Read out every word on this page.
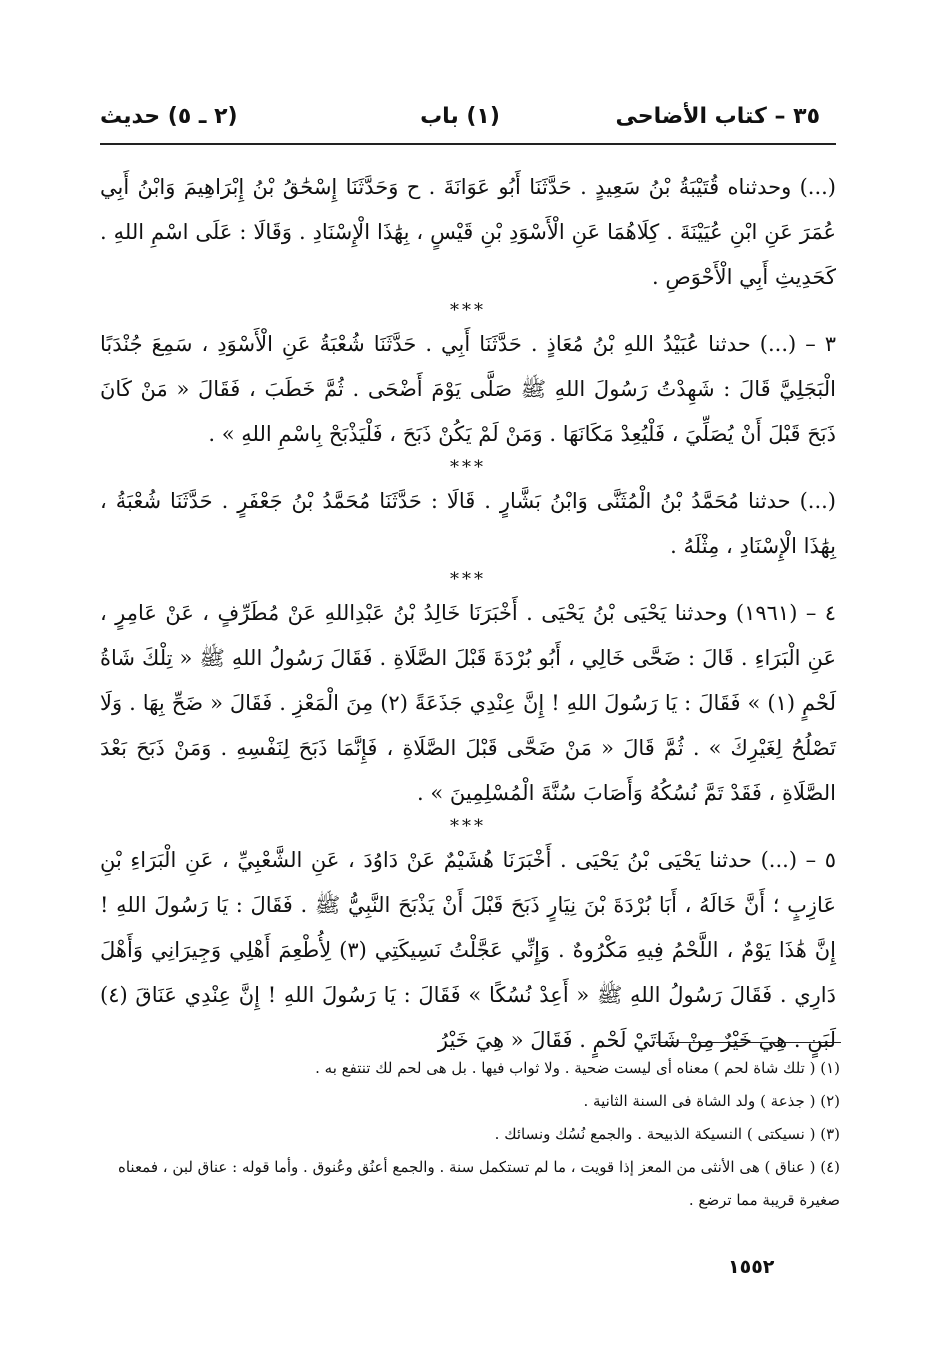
٣٥ – كتاب الأضاحى
(١) باب
(٢ ـ ٥) حديث

(...) وحدثناه قُتَيْبَةُ بْنُ سَعِيدٍ . حَدَّثَنَا أَبُو عَوَانَةَ . ح وَحَدَّثَنَا إِسْحَٰقُ بْنُ إِبْرَاهِيمَ وَابْنُ أَبِي عُمَرَ عَنِ ابْنِ عُيَيْنَةَ . كِلَاهُمَا عَنِ الْأَسْوَدِ بْنِ قَيْسٍ ، بِهَٰذَا الْإِسْنَادِ . وَقَالَا : عَلَى اسْمِ اللهِ . كَحَدِيثِ أَبِي الْأَحْوَصِ .

***

٣ – (...) حدثنا عُبَيْدُ اللهِ بْنُ مُعَاذٍ . حَدَّثَنَا أَبِي . حَدَّثَنَا شُعْبَةُ عَنِ الْأَسْوَدِ ، سَمِعَ جُنْدَبًا الْبَجَلِيَّ قَالَ : شَهِدْتُ رَسُولَ اللهِ ﷺ صَلَّى يَوْمَ أَضْحَى . ثُمَّ خَطَبَ ، فَقَالَ « مَنْ كَانَ ذَبَحَ قَبْلَ أَنْ يُصَلِّيَ ، فَلْيُعِدْ مَكَانَهَا . وَمَنْ لَمْ يَكُنْ ذَبَحَ ، فَلْيَذْبَحْ بِاسْمِ اللهِ » .

***

(...) حدثنا مُحَمَّدُ بْنُ الْمُثَنَّى وَابْنُ بَشَّارٍ . قَالَا : حَدَّثَنَا مُحَمَّدُ بْنُ جَعْفَرٍ . حَدَّثَنَا شُعْبَةُ ، بِهَٰذَا الْإِسْنَادِ ، مِثْلَهُ .

***

٤ – (١٩٦١) وحدثنا يَحْيَى بْنُ يَحْيَى . أَخْبَرَنَا خَالِدُ بْنُ عَبْدِاللهِ عَنْ مُطَرِّفٍ ، عَنْ عَامِرٍ ، عَنِ الْبَرَاءِ . قَالَ : ضَحَّى خَالِي ، أَبُو بُرْدَةَ قَبْلَ الصَّلَاةِ . فَقَالَ رَسُولُ اللهِ ﷺ « تِلْكَ شَاةُ لَحْمٍ (١) » فَقَالَ : يَا رَسُولَ اللهِ ! إِنَّ عِنْدِي جَذَعَةً (٢) مِنَ الْمَعْزِ . فَقَالَ « ضَحِّ بِهَا . وَلَا تَصْلُحُ لِغَيْرِكَ » . ثُمَّ قَالَ « مَنْ ضَحَّى قَبْلَ الصَّلَاةِ ، فَإِنَّمَا ذَبَحَ لِنَفْسِهِ . وَمَنْ ذَبَحَ بَعْدَ الصَّلَاةِ ، فَقَدْ تَمَّ نُسُكُهُ وَأَصَابَ سُنَّةَ الْمُسْلِمِينَ » .

***

٥ – (...) حدثنا يَحْيَى بْنُ يَحْيَى . أَخْبَرَنَا هُشَيْمٌ عَنْ دَاوُدَ ، عَنِ الشَّعْبِيِّ ، عَنِ الْبَرَاءِ بْنِ عَازِبٍ ؛ أَنَّ خَالَهُ ، أَبَا بُرْدَةَ بْنَ نِيَارٍ ذَبَحَ قَبْلَ أَنْ يَذْبَحَ النَّبِيُّ ﷺ . فَقَالَ : يَا رَسُولَ اللهِ ! إِنَّ هَٰذَا يَوْمٌ ، اللَّحْمُ فِيهِ مَكْرُوهٌ . وَإِنِّي عَجَّلْتُ نَسِيكَتِي (٣) لِأُطْعِمَ أَهْلِي وَجِيرَانِي وَأَهْلَ دَارِي . فَقَالَ رَسُولُ اللهِ ﷺ « أَعِدْ نُسُكًا » فَقَالَ : يَا رَسُولَ اللهِ ! إِنَّ عِنْدِي عَنَاقَ (٤) لَبَنٍ . هِيَ خَيْرٌ مِنْ شَاتَيْ لَحْمٍ . فَقَالَ « هِيَ خَيْرُ

(١) ( تلك شاة لحم ) معناه أى ليست ضحية . ولا ثواب فيها . بل هى لحم لك تنتفع به .

(٢) ( جذعة ) ولد الشاة فى السنة الثانية .

(٣) ( نسيكتى ) النسيكة الذبيحة . والجمع نُسُك ونسائك .

(٤) ( عناق ) هى الأنثى من المعز إذا قويت ، ما لم تستكمل سنة . والجمع أعنُق وعُنوق . وأما قوله : عناق لبن ، فمعناه صغيرة قريبة مما ترضع .

١٥٥٢
